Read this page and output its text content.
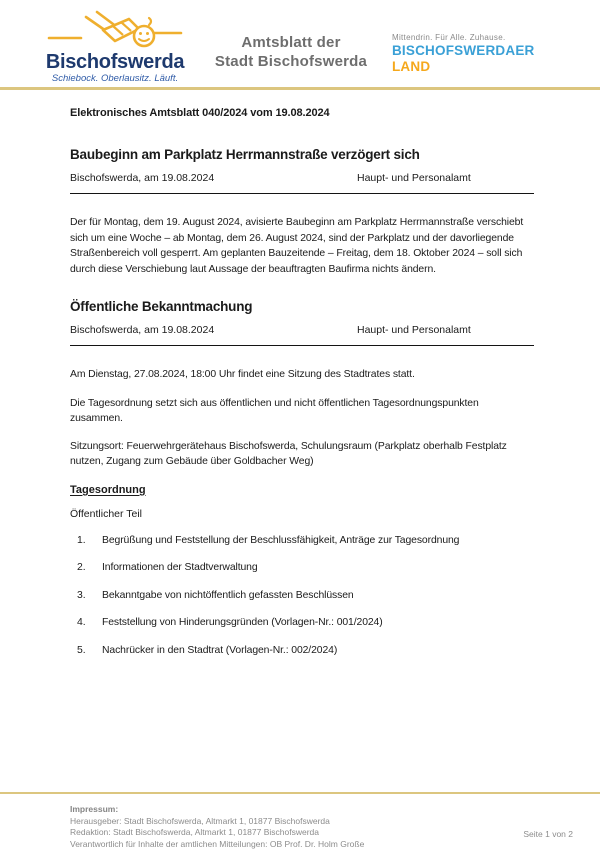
Bischofswerda
Schiebock. Oberlausitz. Läuft.
Amtsblatt der
Stadt Bischofswerda
Mittendrin. Für Alle. Zuhause.
BISCHOFSWERDAER LAND
Elektronisches Amtsblatt 040/2024 vom 19.08.2024
Baubeginn am Parkplatz Herrmannstraße verzögert sich
Bischofswerda, am 19.08.2024	Haupt- und Personalamt

Der für Montag, dem 19. August 2024, avisierte Baubeginn am Parkplatz Herrmannstraße verschiebt sich um eine Woche – ab Montag, dem 26. August 2024, sind der Parkplatz und der davorliegende Straßenbereich voll gesperrt. Am geplanten Bauzeitende – Freitag, dem 18. Oktober 2024 – soll sich durch diese Verschiebung laut Aussage der beauftragten Baufirma nichts ändern.

Öffentliche Bekanntmachung
Bischofswerda, am 19.08.2024	Haupt- und Personalamt

Am Dienstag, 27.08.2024, 18:00 Uhr findet eine Sitzung des Stadtrates statt.

Die Tagesordnung setzt sich aus öffentlichen und nicht öffentlichen Tagesordnungspunkten zusammen.

Sitzungsort: Feuerwehrgerätehaus Bischofswerda, Schulungsraum (Parkplatz oberhalb Festplatz nutzen, Zugang zum Gebäude über Goldbacher Weg)

Tagesordnung
Öffentlicher Teil
1.	Begrüßung und Feststellung der Beschlussfähigkeit, Anträge zur Tagesordnung
2.	Informationen der Stadtverwaltung
3.	Bekanntgabe von nichtöffentlich gefassten Beschlüssen
4.	Feststellung von Hinderungsgründen (Vorlagen-Nr.: 001/2024)
5.	Nachrücker in den Stadtrat (Vorlagen-Nr.: 002/2024)
Impressum:
Herausgeber: Stadt Bischofswerda, Altmarkt 1, 01877 Bischofswerda
Redaktion: Stadt Bischofswerda, Altmarkt 1, 01877 Bischofswerda
Verantwortlich für Inhalte der amtlichen Mitteilungen: OB Prof. Dr. Holm Große
Seite 1 von 2
